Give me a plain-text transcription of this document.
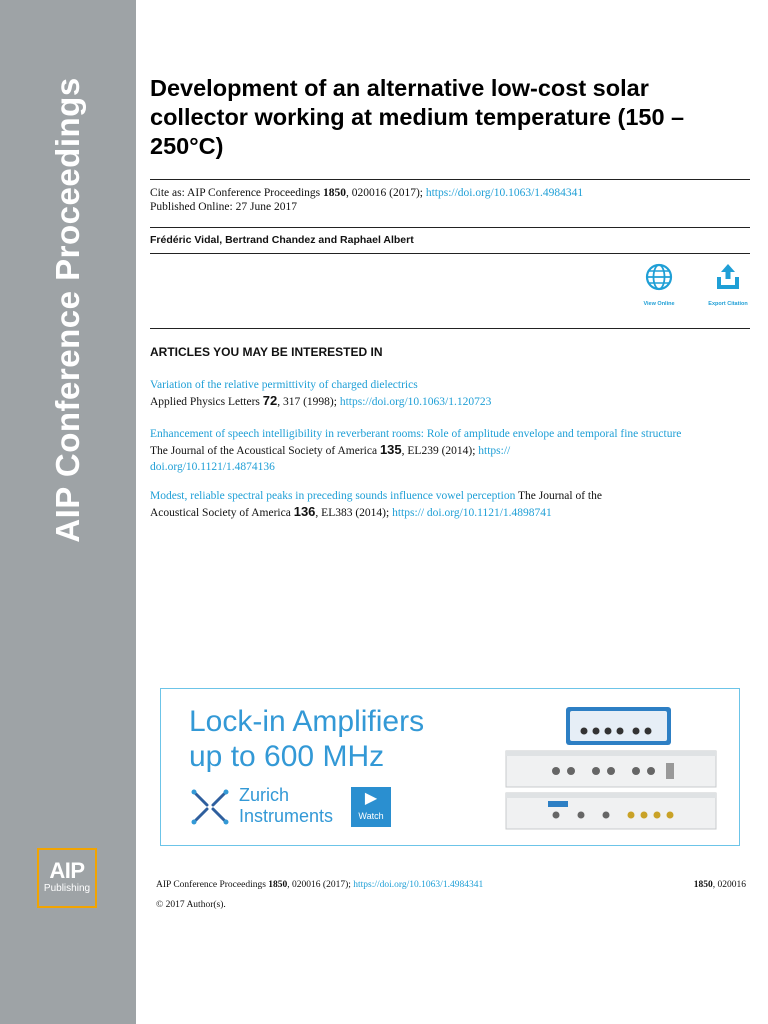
AIP Conference Proceedings
AIP
Publishing
Development of an alternative low-cost solar collector working at medium temperature (150 – 250°C)
Cite as: AIP Conference Proceedings 1850, 020016 (2017); https://doi.org/10.1063/1.4984341
Published Online: 27 June 2017
Frédéric Vidal, Bertrand Chandez and Raphael Albert
View Online	Export Citation
ARTICLES YOU MAY BE INTERESTED IN
Variation of the relative permittivity of charged dielectrics
Applied Physics Letters 72, 317 (1998); https://doi.org/10.1063/1.120723
Enhancement of speech intelligibility in reverberant rooms: Role of amplitude envelope and temporal fine structure
The Journal of the Acoustical Society of America 135, EL239 (2014); https://
doi.org/10.1121/1.4874136
Modest, reliable spectral peaks in preceding sounds influence vowel perception The Journal of the
Acoustical Society of America 136, EL383 (2014); https:// doi.org/10.1121/1.4898741
Lock-in Amplifiers
up to 600 MHz
Zurich
Instruments
▶
Watch
AIP Conference Proceedings 1850, 020016 (2017); https://doi.org/10.1063/1.4984341	1850, 020016
© 2017 Author(s).
